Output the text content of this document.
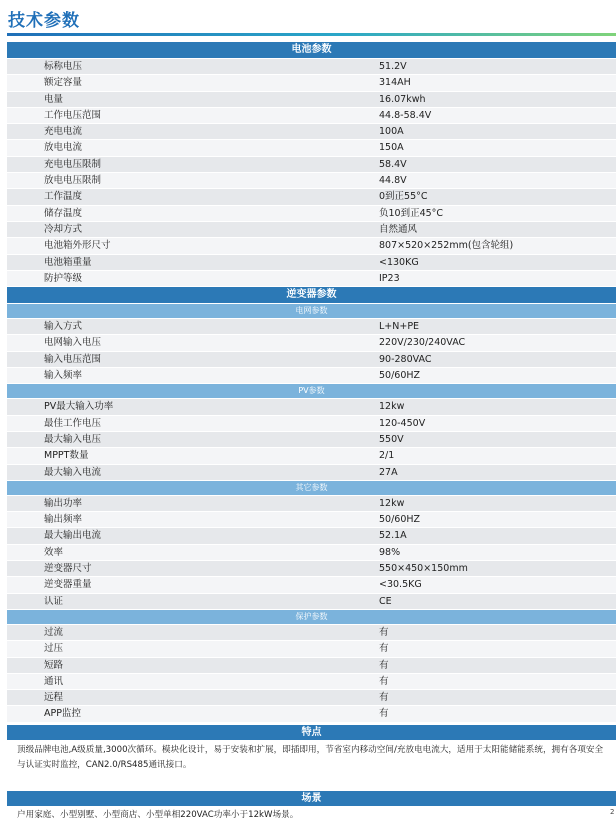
技术参数
电池参数
标称电压	51.2V
额定容量	314AH
电量	16.07kwh
工作电压范围	44.8-58.4V
充电电流	100A
放电电流	150A
充电电压限制	58.4V
放电电压限制	44.8V
工作温度	0到正55°C
储存温度	负10到正45°C
冷却方式	自然通风
电池箱外形尺寸	807×520×252mm(包含轮组)
电池箱重量	<130KG
防护等级	IP23
逆变器参数
电网参数
输入方式	L+N+PE
电网输入电压	220V/230/240VAC
输入电压范围	90-280VAC
输入频率	50/60HZ
PV参数
PV最大输入功率	12kw
最佳工作电压	120-450V
最大输入电压	550V
MPPT数量	2/1
最大输入电流	27A
其它参数
输出功率	12kw
输出频率	50/60HZ
最大输出电流	52.1A
效率	98%
逆变器尺寸	550×450×150mm
逆变器重量	<30.5KG
认证	CE
保护参数
过流	有
过压	有
短路	有
通讯	有
远程	有
APP监控	有
特点
顶级品牌电池,A级质量,3000次循环。模块化设计，易于安装和扩展，即插即用，节省室内移动空间/充放电电流大，适用于太阳能储能系统，拥有各项安全与认证实时监控，CAN2.0/RS485通讯接口。
场景
户用家庭、小型别墅、小型商店、小型单相220VAC功率小于12kW场景。	2
